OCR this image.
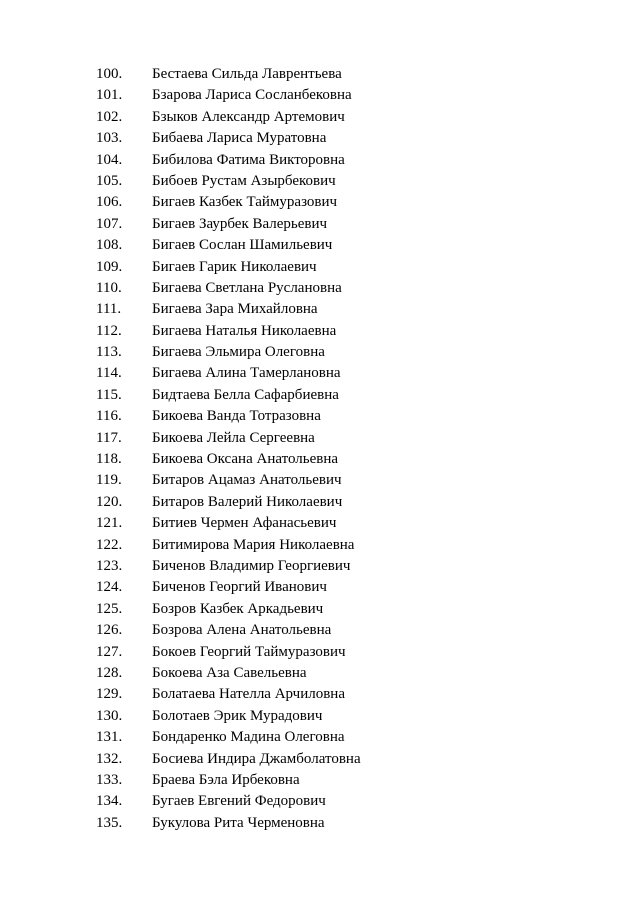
100.	Бестаева Сильда Лаврентьева
101.	Бзарова Лариса Сосланбековна
102.	Бзыков Александр Артемович
103.	Бибаева Лариса Муратовна
104.	Бибилова Фатима Викторовна
105.	Бибоев Рустам Азырбекович
106.	Бигаев Казбек Таймуразович
107.	Бигаев Заурбек Валерьевич
108.	Бигаев Сослан Шамильевич
109.	Бигаев Гарик Николаевич
110.	Бигаева Светлана Руслановна
111.	Бигаева Зара Михайловна
112.	Бигаева Наталья Николаевна
113.	Бигаева Эльмира Олеговна
114.	Бигаева Алина Тамерлановна
115.	Бидтаева Белла Сафарбиевна
116.	Бикоева Ванда Тотразовна
117.	Бикоева Лейла Сергеевна
118.	Бикоева Оксана Анатольевна
119.	Битаров Ацамаз Анатольевич
120.	Битаров Валерий Николаевич
121.	Битиев Чермен Афанасьевич
122.	Битимирова Мария Николаевна
123.	Биченов Владимир Георгиевич
124.	Биченов Георгий Иванович
125.	Бозров Казбек Аркадьевич
126.	Бозрова Алена Анатольевна
127.	Бокоев Георгий Таймуразович
128.	Бокоева Аза Савельевна
129.	Болатаева Нателла Арчиловна
130.	Болотаев Эрик Мурадович
131.	Бондаренко Мадина Олеговна
132.	Босиева Индира Джамболатовна
133.	Браева Бэла Ирбековна
134.	Бугаев Евгений Федорович
135.	Букулова Рита Черменовна
